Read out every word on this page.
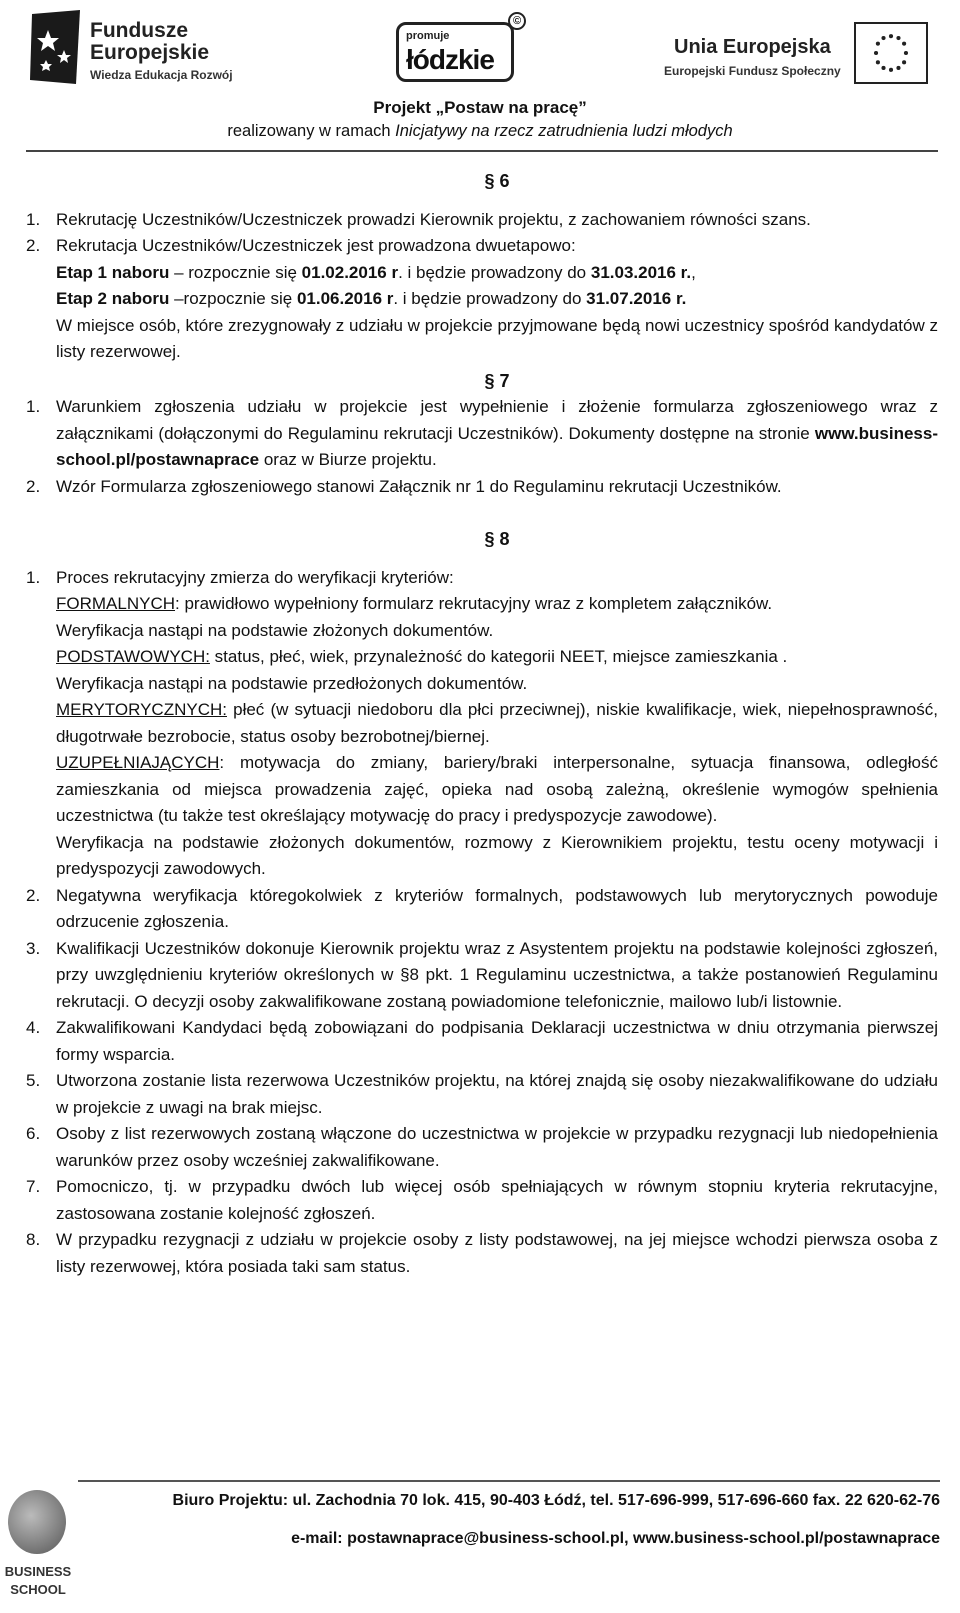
Fundusze
Europejskie
Wiedza Edukacja Rozwój
promuje
łódzkie
©
Unia Europejska
Europejski Fundusz Społeczny
Projekt „Postaw na pracę”
realizowany w ramach Inicjatywy na rzecz zatrudnienia ludzi młodych
§ 6
1. Rekrutację Uczestników/Uczestniczek prowadzi Kierownik projektu, z zachowaniem równości szans.
2. Rekrutacja Uczestników/Uczestniczek jest prowadzona dwuetapowo:
Etap 1 naboru – rozpocznie się 01.02.2016 r. i będzie prowadzony do 31.03.2016 r.,
Etap 2 naboru –rozpocznie się 01.06.2016 r. i będzie prowadzony do 31.07.2016 r.
W miejsce osób, które zrezygnowały z udziału w projekcie przyjmowane będą nowi uczestnicy spośród kandydatów z listy rezerwowej.
§ 7
1. Warunkiem zgłoszenia udziału w projekcie jest wypełnienie i złożenie formularza zgłoszeniowego wraz z załącznikami (dołączonymi do Regulaminu rekrutacji Uczestników). Dokumenty dostępne na stronie www.business-school.pl/postawnaprace oraz w Biurze projektu.
2. Wzór Formularza zgłoszeniowego stanowi Załącznik nr 1 do Regulaminu rekrutacji Uczestników.
§ 8
1. Proces rekrutacyjny zmierza do weryfikacji kryteriów:
FORMALNYCH: prawidłowo wypełniony formularz rekrutacyjny wraz z kompletem załączników.
Weryfikacja nastąpi na podstawie złożonych dokumentów.
PODSTAWOWYCH: status, płeć, wiek, przynależność do kategorii NEET, miejsce zamieszkania .
Weryfikacja nastąpi na podstawie przedłożonych dokumentów.
MERYTORYCZNYCH: płeć (w sytuacji niedoboru dla płci przeciwnej), niskie kwalifikacje, wiek, niepełnosprawność, długotrwałe bezrobocie, status osoby bezrobotnej/biernej.
UZUPEŁNIAJĄCYCH: motywacja do zmiany, bariery/braki interpersonalne, sytuacja finansowa, odległość zamieszkania od miejsca prowadzenia zajęć, opieka nad osobą zależną, określenie wymogów spełnienia uczestnictwa (tu także test określający motywację do pracy i predyspozycje zawodowe).
Weryfikacja na podstawie złożonych dokumentów, rozmowy z Kierownikiem projektu, testu oceny motywacji i predyspozycji zawodowych.
2. Negatywna weryfikacja któregokolwiek z kryteriów formalnych, podstawowych lub merytorycznych powoduje odrzucenie zgłoszenia.
3. Kwalifikacji Uczestników dokonuje Kierownik projektu wraz z Asystentem projektu na podstawie kolejności zgłoszeń, przy uwzględnieniu kryteriów określonych w §8 pkt. 1 Regulaminu uczestnictwa, a także postanowień Regulaminu rekrutacji. O decyzji osoby zakwalifikowane zostaną powiadomione telefonicznie, mailowo lub/i listownie.
4. Zakwalifikowani Kandydaci będą zobowiązani do podpisania Deklaracji uczestnictwa w dniu otrzymania pierwszej formy wsparcia.
5. Utworzona zostanie lista rezerwowa Uczestników projektu, na której znajdą się osoby niezakwalifikowane do udziału w projekcie z uwagi na brak miejsc.
6. Osoby z list rezerwowych zostaną włączone do uczestnictwa w projekcie w przypadku rezygnacji lub niedopełnienia warunków przez osoby wcześniej zakwalifikowane.
7. Pomocniczo, tj. w przypadku dwóch lub więcej osób spełniających w równym stopniu kryteria rekrutacyjne, zastosowana zostanie kolejność zgłoszeń.
8. W przypadku rezygnacji z udziału w projekcie osoby z listy podstawowej, na jej miejsce wchodzi pierwsza osoba z listy rezerwowej, która posiada taki sam status.
BUSINESS
SCHOOL
Biuro Projektu: ul. Zachodnia 70 lok. 415, 90-403 Łódź, tel. 517-696-999, 517-696-660 fax. 22 620-62-76
e-mail: postawnaprace@business-school.pl, www.business-school.pl/postawnaprace
